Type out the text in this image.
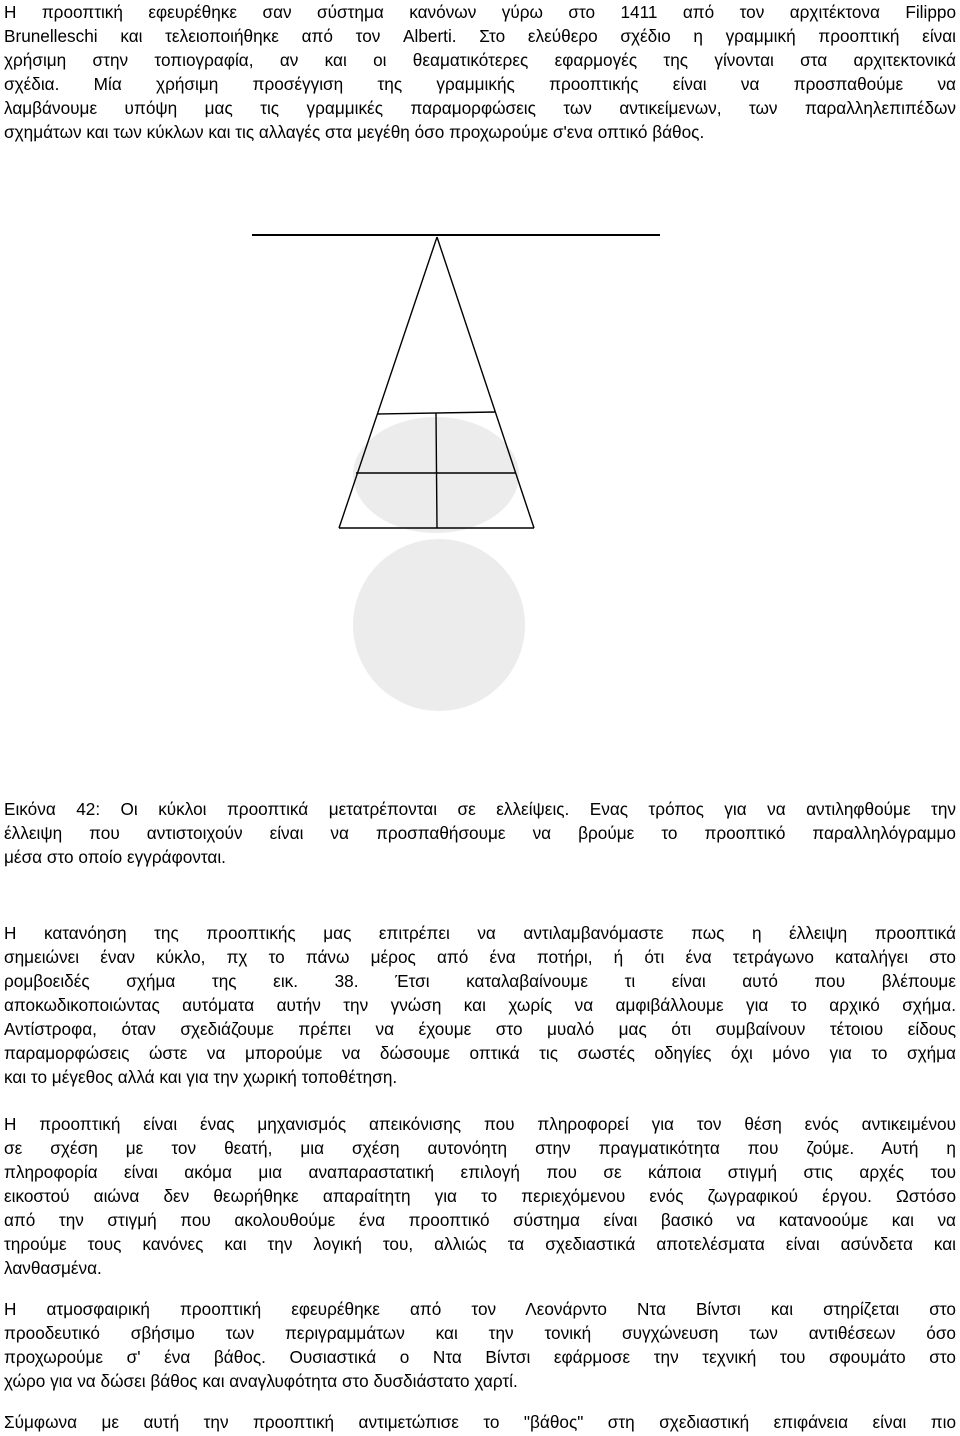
Η προοπτική εφευρέθηκε σαν σύστημα κανόνων γύρω στο 1411 από τον αρχιτέκτονα Filippo
Brunelleschi και τελειοποιήθηκε από τον Alberti. Στο ελεύθερο σχέδιο η γραμμική προοπτική είναι
χρήσιμη στην τοπιογραφία, αν και οι θεαματικότερες εφαρμογές της γίνονται στα αρχιτεκτονικά
σχέδια. Μία χρήσιμη προσέγγιση της γραμμικής προοπτικής είναι να προσπαθούμε να
λαμβάνουμε υπόψη μας τις γραμμικές παραμορφώσεις των αντικείμενων, των παραλληλεπιπέδων
σχημάτων και των κύκλων και τις αλλαγές στα μεγέθη όσο προχωρούμε σ'ενα οπτικό βάθος.
Εικόνα 42: Οι κύκλοι προοπτικά μετατρέπονται σε ελλείψεις. Ενας τρόπος για να αντιληφθούμε την
έλλειψη που αντιστοιχούν είναι να προσπαθήσουμε να βρούμε το προοπτικό παραλληλόγραμμο
μέσα στο οποίο εγγράφονται.
Η κατανόηση της προοπτικής μας επιτρέπει να αντιλαμβανόμαστε πως η έλλειψη προοπτικά
σημειώνει έναν κύκλο, πχ το πάνω μέρος από ένα ποτήρι, ή ότι ένα τετράγωνο καταλήγει στο
ρομβοειδές σχήμα της εικ. 38. Έτσι καταλαβαίνουμε τι είναι αυτό που βλέπουμε
αποκωδικοποιώντας αυτόματα αυτήν την γνώση και χωρίς να αμφιβάλλουμε για το αρχικό σχήμα.
Αντίστροφα, όταν σχεδιάζουμε πρέπει να έχουμε στο μυαλό μας ότι συμβαίνουν τέτοιου είδους
παραμορφώσεις ώστε να μπορούμε να δώσουμε οπτικά τις σωστές οδηγίες όχι μόνο για το σχήμα
και το μέγεθος αλλά και για την χωρική τοποθέτηση.
Η προοπτική είναι ένας μηχανισμός απεικόνισης που πληροφορεί για τον θέση ενός αντικειμένου
σε σχέση με τον θεατή, μια σχέση αυτονόητη στην πραγματικότητα που ζούμε. Αυτή η
πληροφορία είναι ακόμα μια αναπαραστατική επιλογή που σε κάποια στιγμή στις αρχές του
εικοστού αιώνα δεν θεωρήθηκε απαραίτητη για το περιεχόμενου ενός ζωγραφικού έργου. Ωστόσο
από την στιγμή που ακολουθούμε ένα προοπτικό σύστημα είναι βασικό να κατανοούμε και να
τηρούμε τους κανόνες και την λογική του, αλλιώς τα σχεδιαστικά αποτελέσματα είναι ασύνδετα και
λανθασμένα.
Η ατμοσφαιρική προοπτική εφευρέθηκε από τον Λεονάρντο Ντα Βίντσι και στηρίζεται στο
προοδευτικό σβήσιμο των περιγραμμάτων και την τονική συγχώνευση των αντιθέσεων όσο
προχωρούμε σ' ένα βάθος. Ουσιαστικά ο Ντα Βίντσι εφάρμοσε την τεχνική του σφουμάτο στο
χώρο για να δώσει βάθος και αναγλυφότητα στο δυσδιάστατο χαρτί.
Σύμφωνα με αυτή την προοπτική αντιμετώπισε το "βάθος" στη σχεδιαστική επιφάνεια είναι πιο
